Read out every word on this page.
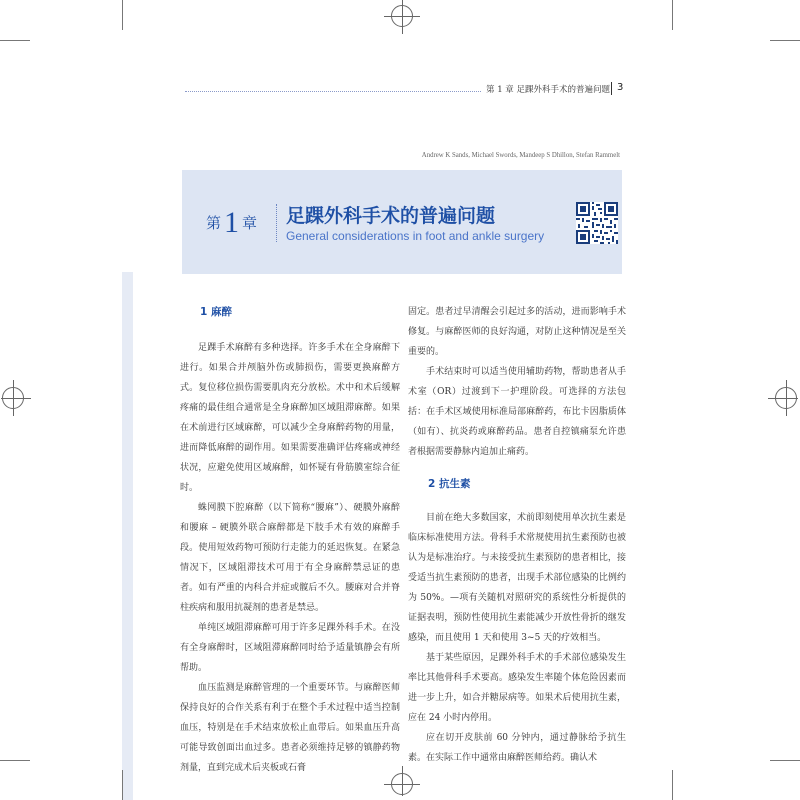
第 1 章 足踝外科手术的普遍问题 3
Andrew K Sands, Michael Swords, Mandeep S Dhillon, Stefan Rammelt
第 1 章 足踝外科手术的普遍问题
General considerations in foot and ankle surgery
1 麻醉

足踝手术麻醉有多种选择。许多手术在全身麻醉下进行。如果合并颅脑外伤或肺损伤，需要更换麻醉方式。复位移位损伤需要肌肉充分放松。术中和术后缓解疼痛的最佳组合通常是全身麻醉加区域阻滞麻醉。如果在术前进行区域麻醉，可以减少全身麻醉药物的用量，进而降低麻醉的副作用。如果需要准确评估疼痛或神经状况，应避免使用区域麻醉，如怀疑有骨筋膜室综合征时。

蛛网膜下腔麻醉（以下简称“腰麻”）、硬膜外麻醉和腰麻 – 硬膜外联合麻醉都是下肢手术有效的麻醉手段。使用短效药物可预防行走能力的延迟恢复。在紧急情况下，区域阻滞技术可用于有全身麻醉禁忌证的患者。如有严重的内科合并症或髋后不久。腰麻对合并脊柱疾病和服用抗凝剂的患者是禁忌。

单纯区域阻滞麻醉可用于许多足踝外科手术。在没有全身麻醉时，区域阻滞麻醉同时给予适量镇静会有所帮助。

血压监测是麻醉管理的一个重要环节。与麻醉医师保持良好的合作关系有利于在整个手术过程中适当控制血压，特别是在手术结束放松止血带后。如果血压升高可能导致创面出血过多。患者必须维持足够的镇静药物剂量，直到完成术后夹板或石膏

固定。患者过早清醒会引起过多的活动，进而影响手术修复。与麻醉医师的良好沟通，对防止这种情况是至关重要的。

手术结束时可以适当使用辅助药物，帮助患者从手术室（OR）过渡到下一护理阶段。可选择的方法包括：在手术区域使用标准局部麻醉药，布比卡因脂质体（如有）、抗炎药或麻醉药品。患者自控镇痛泵允许患者根据需要静脉内追加止痛药。

2 抗生素

目前在绝大多数国家，术前即刻使用单次抗生素是临床标准使用方法。骨科手术常规使用抗生素预防也被认为是标准治疗。与未接受抗生素预防的患者相比，接受适当抗生素预防的患者，出现手术部位感染的比例约为 50%。—项有关随机对照研究的系统性分析提供的证据表明，预防性使用抗生素能减少开放性骨折的继发感染，而且使用 1 天和使用 3~5 天的疗效相当。

基于某些原因，足踝外科手术的手术部位感染发生率比其他骨科手术要高。感染发生率随个体危险因素而进一步上升，如合并糖尿病等。如果术后使用抗生素，应在 24 小时内停用。

应在切开皮肤前 60 分钟内，通过静脉给予抗生素。在实际工作中通常由麻醉医师给药。确认术
